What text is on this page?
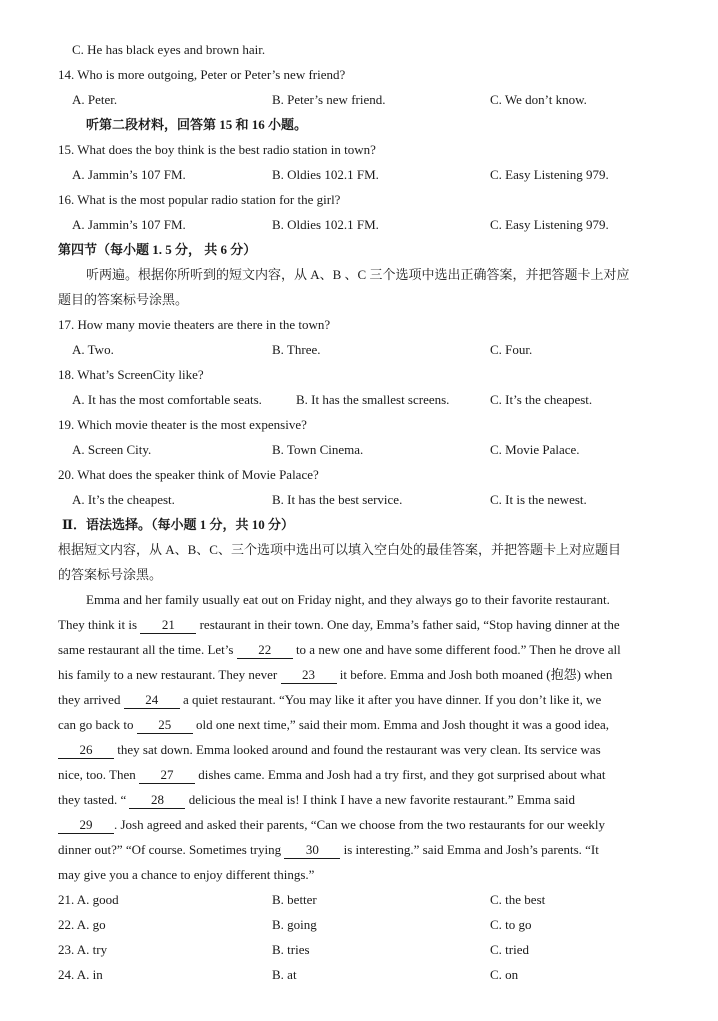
C. He has black eyes and brown hair.
14. Who is more outgoing, Peter or Peter’s new friend?
A. Peter.	B. Peter’s new friend.	C. We don’t know.
听第二段材料，回答第 15 和 16 小题。
15. What does the boy think is the best radio station in town?
A. Jammin’s 107 FM.	B. Oldies 102.1 FM.	C. Easy Listening 979.
16. What is the most popular radio station for the girl?
A. Jammin’s 107 FM.	B. Oldies 102.1 FM.	C. Easy Listening 979.
第四节（每小题 1. 5 分， 共 6 分）
听两遍。根据你所听到的短文内容，从 A、B 、C 三个选项中选出正确答案，并把答题卡上对应
题目的答案标号涂黑。
17. How many movie theaters are there in the town?
A. Two.	B. Three.	C. Four.
18. What’s ScreenCity like?
A. It has the most comfortable seats.	B. It has the smallest screens.	C. It’s the cheapest.
19. Which movie theater is the most expensive?
A. Screen City.	B. Town Cinema.	C. Movie Palace.
20. What does the speaker think of Movie Palace?
A. It’s the cheapest.	B. It has the best service.	C. It is the newest.
Ⅱ．语法选择。（每小题 1 分，共 10 分）
根据短文内容，从 A、B、C、三个选项中选出可以填入空白处的最佳答案，并把答题卡上对应题目
的答案标号涂黑。
Emma and her family usually eat out on Friday night, and they always go to their favorite restaurant.
They think it is 21 restaurant in their town. One day, Emma’s father said, “Stop having dinner at the
same restaurant all the time. Let’s 22 to a new one and have some different food.” Then he drove all
his family to a new restaurant. They never 23 it before. Emma and Josh both moaned (抱怨) when
they arrived 24 a quiet restaurant. “You may like it after you have dinner. If you don’t like it, we
can go back to 25 old one next time,” said their mom. Emma and Josh thought it was a good idea,
26 they sat down. Emma looked around and found the restaurant was very clean. Its service was
nice, too. Then 27 dishes came. Emma and Josh had a try first, and they got surprised about what
they tasted. “ 28 delicious the meal is! I think I have a new favorite restaurant.” Emma said
29 . Josh agreed and asked their parents, “Can we choose from the two restaurants for our weekly
dinner out?” “Of course. Sometimes trying 30 is interesting.” said Emma and Josh’s parents. “It
may give you a chance to enjoy different things.”
21. A. good	B. better	C. the best
22. A. go	B. going	C. to go
23. A. try	B. tries	C. tried
24. A. in	B. at	C. on
